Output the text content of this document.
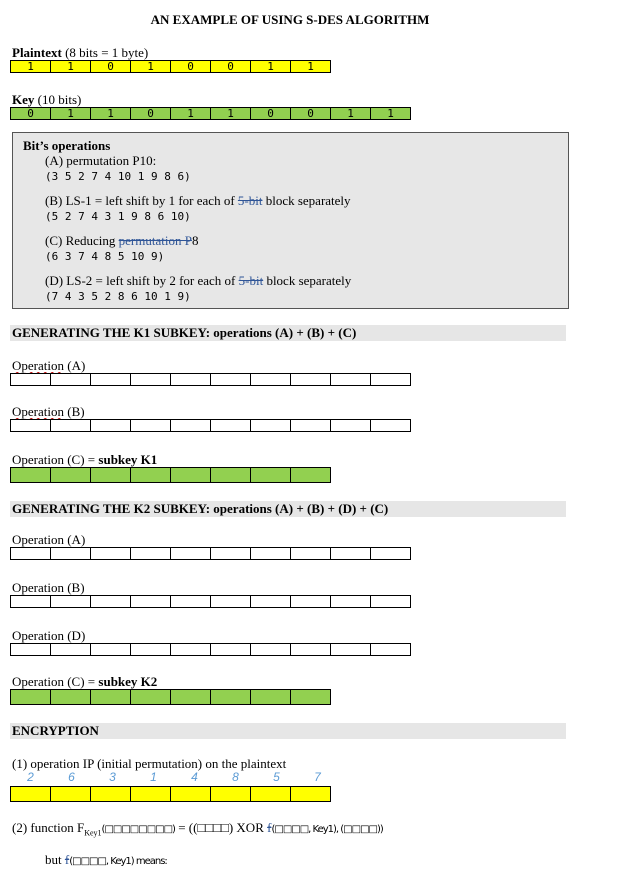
AN EXAMPLE OF USING S-DES ALGORITHM
Plaintext (8 bits = 1 byte)
1	1	0	1	0	0	1	1
Key (10 bits)
0	1	1	0	1	1	0	0	1	1
Bit’s operations
(A) permutation P10:
(3 5 2 7 4 10 1 9 8 6)
(B) LS-1 = left shift by 1 for each of 5-bit block separately
(5 2 7 4 3 1 9 8 6 10)
(C) Reducing permutation P8
(6 3 7 4 8 5 10 9)
(D) LS-2 = left shift by 2 for each of 5-bit block separately
(7 4 3 5 2 8 6 10 1 9)
GENERATING THE K1 SUBKEY: operations (A) + (B) + (C)
Operation (A)
Operation (B)
Operation (C) = subkey K1
GENERATING THE K2 SUBKEY: operations (A) + (B) + (D) + (C)
Operation (A)
Operation (B)
Operation (D)
Operation (C) = subkey K2
ENCRYPTION
(1) operation IP (initial permutation) on the plaintext
2	6	3	1	4	8	5	7
(2) function $F_{Key1}(□□□□□□□□)$ = ((□□□□) XOR f(□□□□, Key1), (□□□□))
but f(□□□□, Key1) means:
